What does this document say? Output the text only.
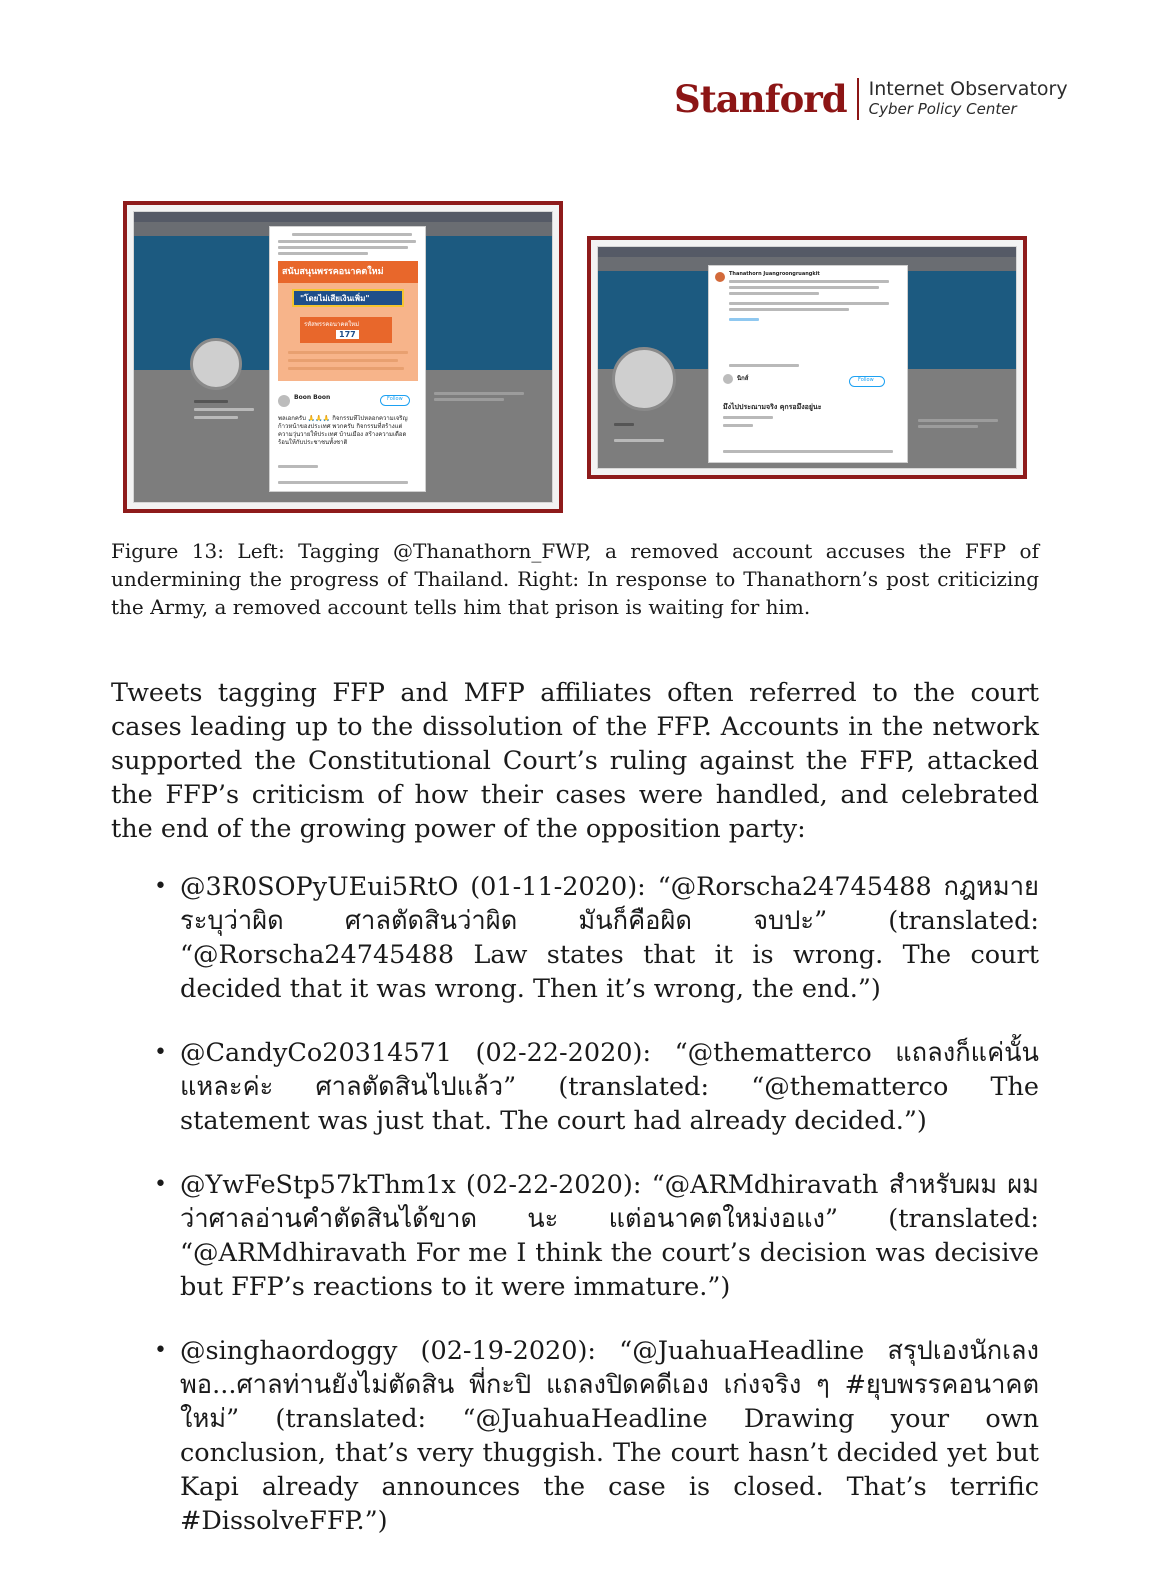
Stanford Internet Observatory
Cyber Policy Center
สนับสนุนพรรคอนาคตใหม่
"โดยไม่เสียเงินเพิ่ม"
รหัสพรรคอนาคตใหม่
177
Boon Boon	Follow
พลเอกครับ 🙏🙏🙏 กิจกรรมที่ไปหลอกความเจริญก้าวหน้าของประเทศ พวกครับ กิจกรรมที่สร้างแต่ความวุ่นวายให้ประเทศ บ้านเมือง สร้างความเดือดร้อนให้กับประชาชนทั้งชาติ
Thanathorn Juangroongruangkit
นิกส์	Follow
มึงไปประณามจริง คุกรอมึงอยู่นะ
Figure 13: Left: Tagging @Thanathorn_FWP, a removed account accuses the FFP of undermining the progress of Thailand. Right: In response to Thanathorn’s post criticizing the Army, a removed account tells him that prison is waiting for him.

Tweets tagging FFP and MFP affiliates often referred to the court cases leading up to the dissolution of the FFP. Accounts in the network supported the Constitutional Court’s ruling against the FFP, attacked the FFP’s criticism of how their cases were handled, and celebrated the end of the growing power of the opposition party:

• @3R0SOPyUEui5RtO (01-11-2020): “@Rorscha24745488 กฎหมายระบุว่าผิด ศาลตัดสินว่าผิด มันก็คือผิด จบปะ” (translated: “@Rorscha24745488 Law states that it is wrong. The court decided that it was wrong. Then it’s wrong, the end.”)
• @CandyCo20314571 (02-22-2020): “@thematterco แถลงก็แค่นั้นแหละค่ะ ศาลตัดสินไปแล้ว” (translated: “@thematterco The statement was just that. The court had already decided.”)
• @YwFeStp57kThm1x (02-22-2020): “@ARMdhiravath สำหรับผม ผมว่าศาลอ่านคำตัดสินได้ขาด นะ แต่อนาคตใหม่งอแง” (translated: “@ARMdhiravath For me I think the court’s decision was decisive but FFP’s reactions to it were immature.”)
• @singhaordoggy (02-19-2020): “@JuahuaHeadline สรุปเองนักเลงพอ...ศาลท่านยังไม่ตัดสิน พี่กะปิ แถลงปิดคดีเอง เก่งจริง ๆ #ยุบพรรคอนาคตใหม่” (translated: “@JuahuaHeadline Drawing your own conclusion, that’s very thuggish. The court hasn’t decided yet but Kapi already announces the case is closed. That’s terrific #DissolveFFP.”)
